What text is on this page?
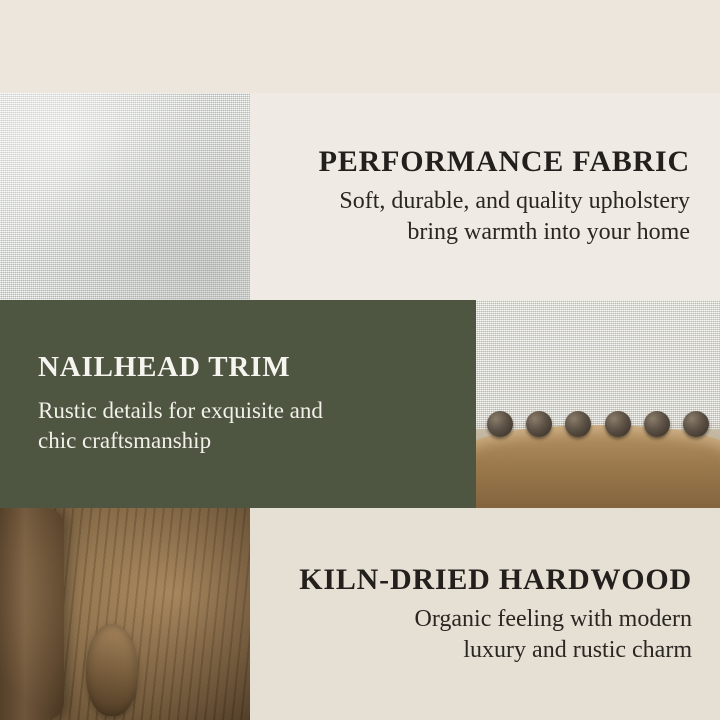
PERFORMANCE FABRIC

Soft, durable, and quality upholstery

bring warmth into your home

NAILHEAD TRIM

Rustic details for exquisite and

chic craftsmanship

KILN-DRIED HARDWOOD

Organic feeling with modern

luxury and rustic charm
